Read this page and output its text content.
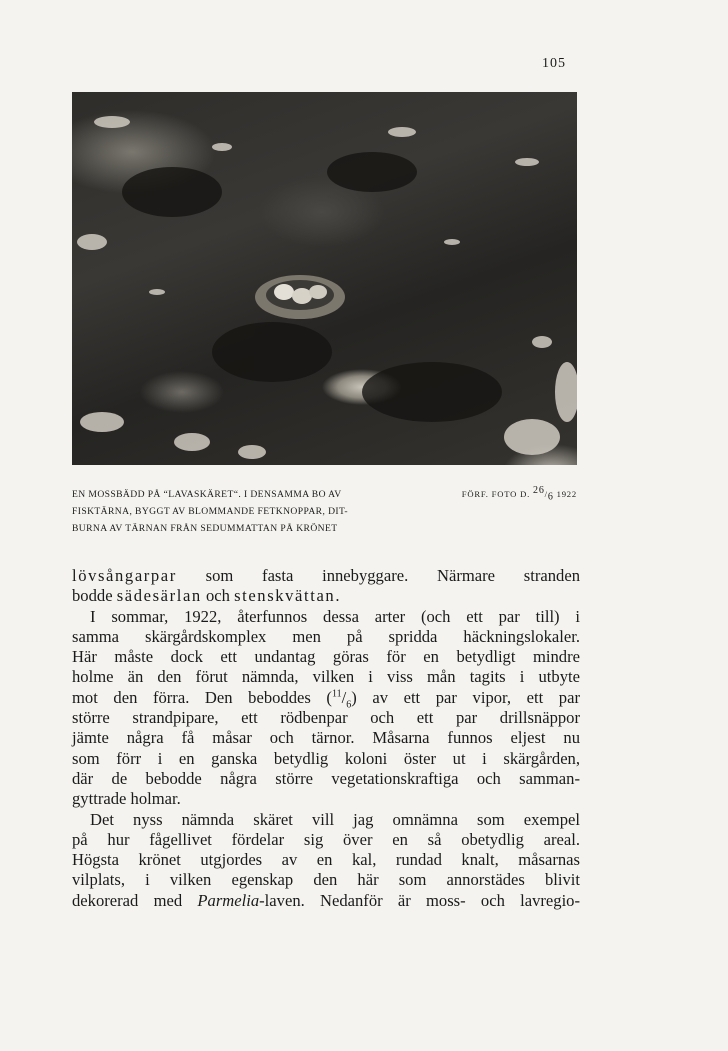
105
EN MOSSBÄDD PÅ “LAVASKÄRET“. I DENSAMMA BO AV
FISKTÄRNA, BYGGT AV BLOMMANDE FETKNOPPAR, DIT-
BURNA AV TÄRNAN FRÅN SEDUMMATTAN PÅ KRÖNET
FÖRF. FOTO D. $^{26}/_6$ 1922
lövsångarpar som fasta innebyggare. Närmare stranden
bodde sädesärlan och stenskvättan.
I sommar, 1922, återfunnos dessa arter (och ett par till) i
samma skärgårdskomplex men på spridda häckningslokaler.
Här måste dock ett undantag göras för en betydligt mindre
holme än den förut nämnda, vilken i viss mån tagits i utbyte
mot den förra. Den beboddes $(^{11}/_6)$ av ett par vipor, ett par
större strandpipare, ett rödbenpar och ett par drillsnäppor
jämte några få måsar och tärnor. Måsarna funnos eljest nu
som förr i en ganska betydlig koloni öster ut i skärgården,
där de bebodde några större vegetationskraftiga och samman-
gyttrade holmar.
Det nyss nämnda skäret vill jag omnämna som exempel
på hur fågellivet fördelar sig över en så obetydlig areal.
Högsta krönet utgjordes av en kal, rundad knalt, måsarnas
vilplats, i vilken egenskap den här som annorstädes blivit
dekorerad med Parmelia-laven. Nedanför är moss- och lavregio-
